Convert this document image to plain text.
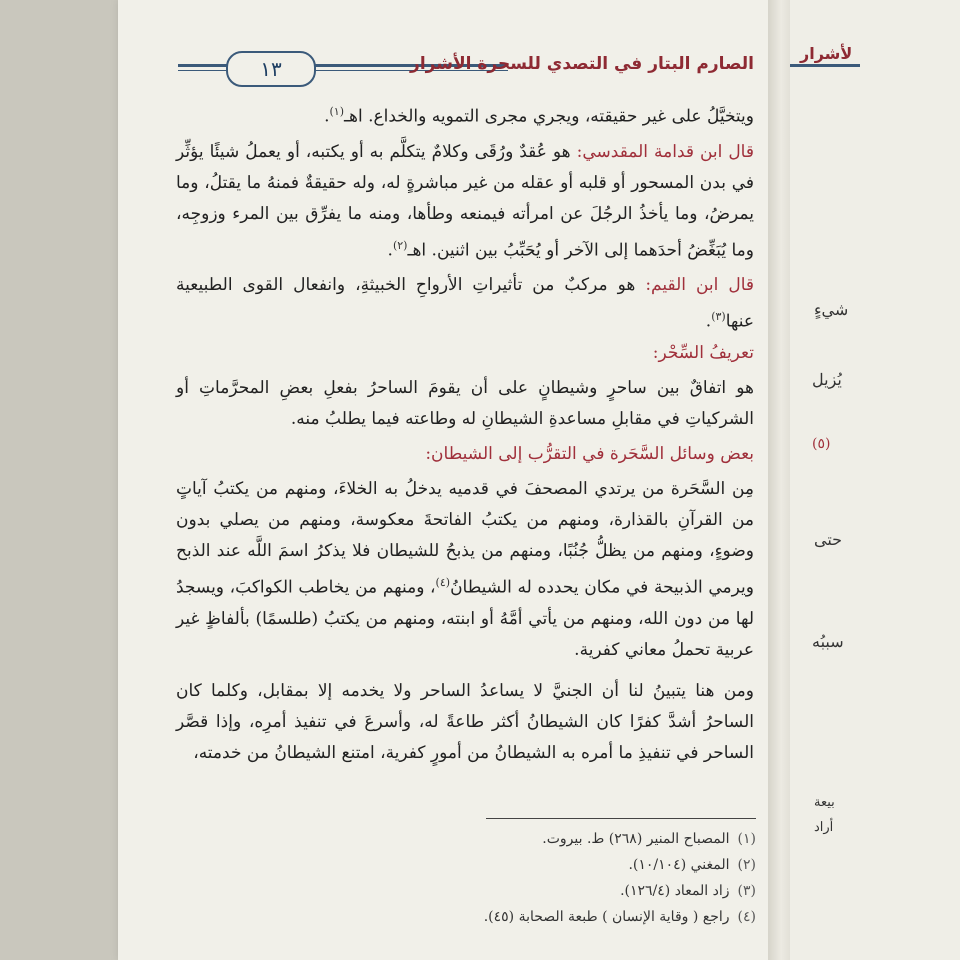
لأشرار
شيءٍ
يُزيل
(٥)
حتى
سببُه
بيعة
أراد
١٣	الصارم البتار في التصدي للسحرة الأشرار

ويتخيَّلُ على غير حقيقته، ويجري مجرى التمويه والخداع. اهـ$^{(١)}$.

قال ابن قدامة المقدسي: هو عُقدٌ ورُقَى وكلامٌ يتكلَّم به أو يكتبه، أو يعملُ شيئًا يؤثِّر في بدن المسحور أو قلبه أو عقله من غير مباشرةٍ له، وله حقيقةٌ فمنهُ ما يقتلُ، وما يمرضُ، وما يأخذُ الرجُلَ عن امرأته فيمنعه وطأها، ومنه ما يفرِّق بين المرء وزوجِه، وما يُبَغِّضُ أحدَهما إلى الآخر أو يُحَبِّبُ بين اثنين. اهـ$^{(٢)}$.

قال ابن القيم: هو مركبٌ من تأثيراتِ الأرواحِ الخبيثةِ، وانفعال القوى الطبيعية عنها$^{(٣)}$.

تعريفُ السِّحْر:

هو اتفاقٌ بين ساحرٍ وشيطانٍ على أن يقومَ الساحرُ بفعلِ بعضِ المحرَّماتِ أو الشركياتِ في مقابلِ مساعدةِ الشيطانِ له وطاعته فيما يطلبُ منه.

بعض وسائل السَّحَرة في التقرُّب إلى الشيطان:

مِن السَّحَرة من يرتدي المصحفَ في قدميه يدخلُ به الخلاءَ، ومنهم من يكتبُ آياتٍ من القرآنِ بالقذارة، ومنهم من يكتبُ الفاتحةَ معكوسة، ومنهم من يصلي بدون وضوءٍ، ومنهم من يظلُّ جُنُبًا، ومنهم من يذبحُ للشيطان فلا يذكرُ اسمَ اللَّه عند الذبح ويرمي الذبيحة في مكان يحدده له الشيطانُ$^{(٤)}$، ومنهم من يخاطب الكواكبَ، ويسجدُ لها من دون الله، ومنهم من يأتي أمَّهُ أو ابنته، ومنهم من يكتبُ (طلسمًا) بألفاظٍ غير عربية تحملُ معاني كفرية.

ومن هنا يتبينُ لنا أن الجنيَّ لا يساعدُ الساحر ولا يخدمه إلا بمقابل، وكلما كان الساحرُ أشدَّ كفرًا كان الشيطانُ أكثر طاعةً له، وأسرعَ في تنفيذ أمرِه، وإذا قصَّر الساحر في تنفيذِ ما أمره به الشيطانُ من أمورٍ كفرية، امتنع الشيطانُ من خدمته،

(١)المصباح المنير (٢٦٨) ط. بيروت.
(٢)المغني (١٠/١٠٤).
(٣)زاد المعاد (١٢٦/٤).
(٤)راجع ( وقاية الإنسان ) طبعة الصحابة (٤٥).
